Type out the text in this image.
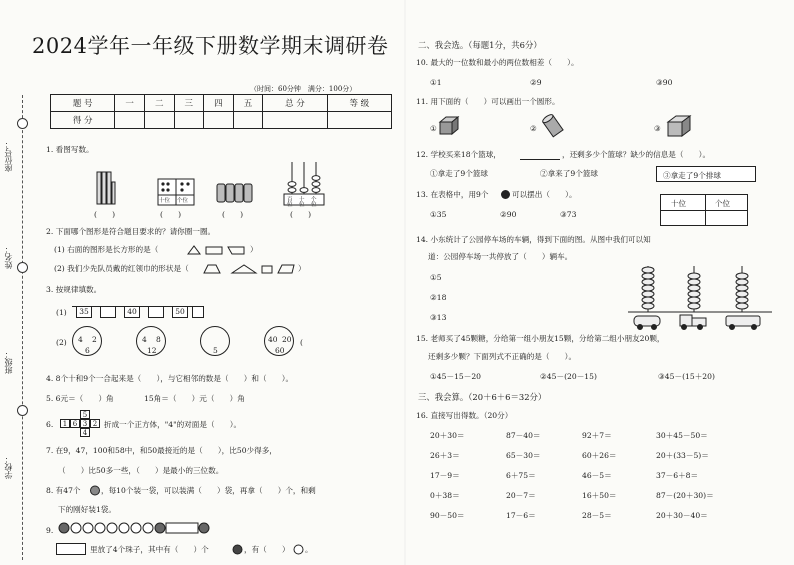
座位号：
姓名：
班级：
学校：
2024学年一年级下册数学期末调研卷
（时间：60分钟　满分：100分）
题 号	一	二	三	四	五	总 分	等 级
得 分							
1. 看图写数。
十位 个位	百 十 个
位 位 位
(　　)	(　　)	(　　)	(　　)
2. 下面哪个图形是符合题目要求的？请你圈一圈。
(1) 右面的图形是长方形的是（	）
(2) 我们少先队员戴的红领巾的形状是（	）
3. 按规律填数。
(1)	35	40	50
(2) 4 2
6
4 8
12	5
40 20
60
(
4. 8个十和9个一合起来是（　　），与它相邻的数是（　　）和（　　）。
5. 6元＝（　　）角　　　　15角＝（　　）元（　　）角
6.
5
1 6 3 2
4
折成一个正方体，"4"的对面是（　　）。
7. 在9，47，100和58中，和50最接近的是（　　），比50少得多，
（　　）比50多一些，（　　）是最小的三位数。
8. 有47个	，每10个装一袋，可以装满（　　）袋，再拿（　　）个，和剩
下的刚好装1袋。
9.
里放了4个珠子，其中有（　　）个	，有（　　） 。
二、我会选。（每题1分，共6分）
10. 最大的一位数和最小的两位数相差（　　）。
①1	②9	③90
11. 用下面的（　　）可以画出一个圆形。
①	②	③
12. 学校买来18个篮球，	，还剩多少个篮球？缺少的信息是（　　）。
①拿走了9个篮球	②拿来了9个篮球	③拿走了9个排球
13. 在表格中，用9个	可以摆出（　　）。
①35	②90	③73
十位	个位
14. 小东统计了公园停车场的车辆，得到下面的图。从图中我们可以知
道：公园停车场一共停放了（　　）辆车。
①5
②18
③13
15. 老师买了45颗糖，分给第一组小朋友15颗，分给第二组小朋友20颗，
还剩多少颗？下面列式不正确的是（　　）。
①45－15－20	②45－(20－15)	③45－(15＋20)
三、我会算。（20＋6＋6＝32分）
16. 直接写出得数。（20分）
20＋30＝	87－40＝	92＋7＝	30＋45－50＝
26＋3＝	65－30＝	60＋26＝	20＋(33－5)＝
17－9＝	6＋75＝	46－5＝	37－6＋8＝
0＋38＝	20－7＝	16＋50＝	87－(20＋30)＝
90－50＝	17－6＝	28－5＝	20＋30－40＝
